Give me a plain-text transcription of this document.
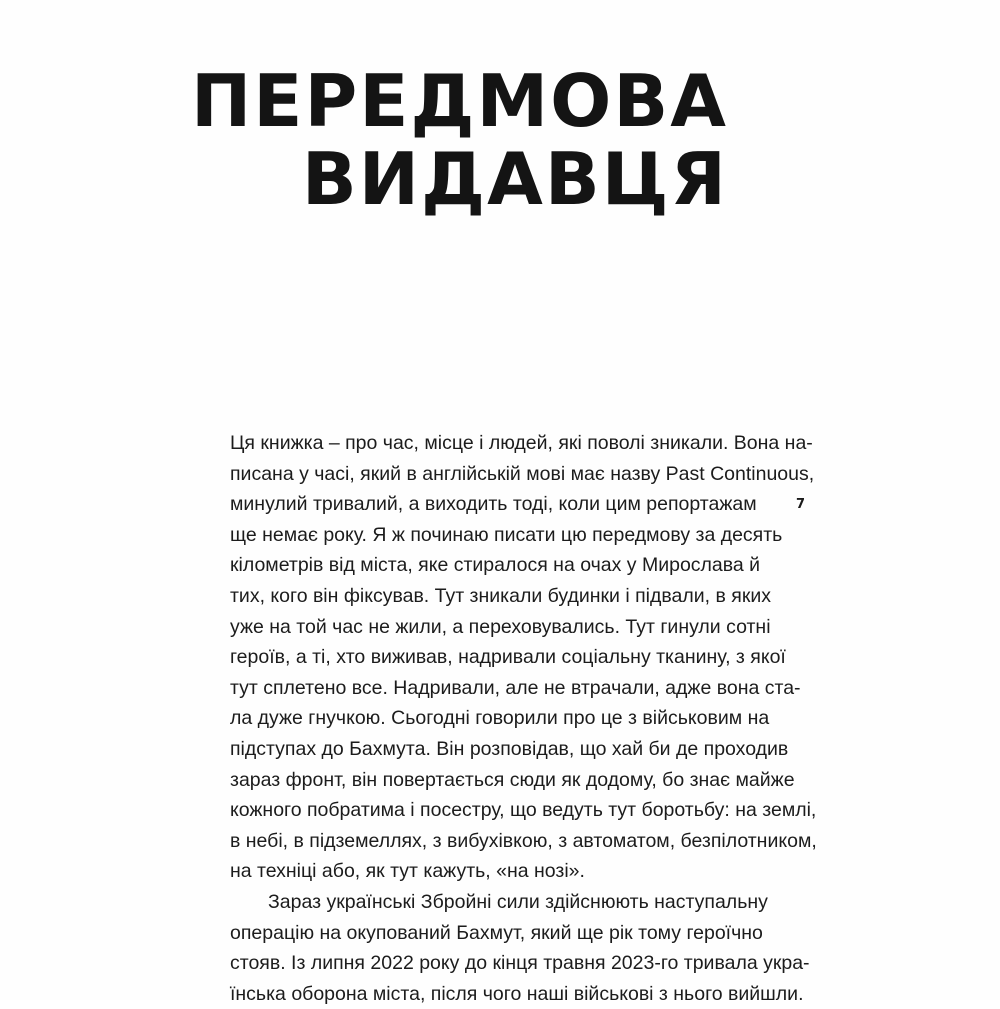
ПЕРЕДМОВА
ВИДАВЦЯ
Ця книжка – про час, місце і людей, які поволі зникали. Вона на-
писана у часі, який в англійській мові має назву Past Continuous,
минулий тривалий, а виходить тоді, коли цим репортажам
ще немає року. Я ж починаю писати цю передмову за десять
кілометрів від міста, яке стиралося на очах у Мирослава й
тих, кого він фіксував. Тут зникали будинки і підвали, в яких
уже на той час не жили, а переховувались. Тут гинули сотні
героїв, а ті, хто виживав, надривали соціальну тканину, з якої
тут сплетено все. Надривали, але не втрачали, адже вона ста-
ла дуже гнучкою. Сьогодні говорили про це з військовим на
підступах до Бахмута. Він розповідав, що хай би де проходив
зараз фронт, він повертається сюди як додому, бо знає майже
кожного побратима і посестру, що ведуть тут боротьбу: на землі,
в небі, в підземеллях, з вибухівкою, з автоматом, безпілотником,
на техніці або, як тут кажуть, «на нозі».
Зараз українські Збройні сили здійснюють наступальну
операцію на окупований Бахмут, який ще рік тому героїчно
стояв. Із липня 2022 року до кінця травня 2023-го тривала укра-
їнська оборона міста, після чого наші військові з нього вийшли.
7
